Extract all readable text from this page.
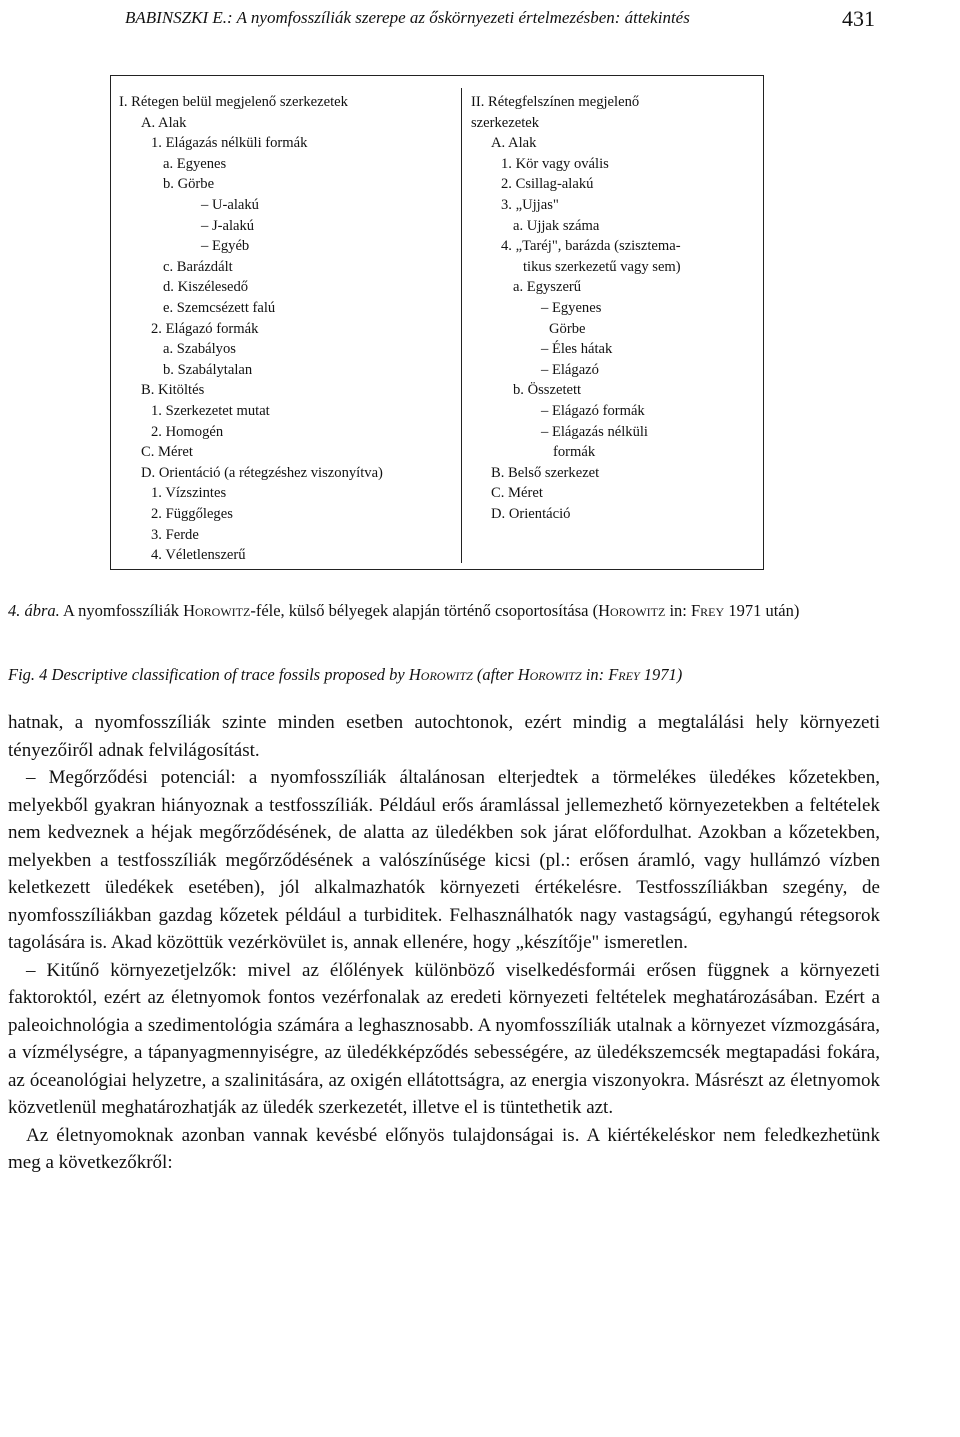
BABINSZKI E.: A nyomfosszíliák szerepe az őskörnyezeti értelmezésben: áttekintés	431
I. Rétegen belül megjelenő szerkezetek
A. Alak
1. Elágazás nélküli formák
a. Egyenes
b. Görbe
– U-alakú
– J-alakú
– Egyéb
c. Barázdált
d. Kiszélesedő
e. Szemcsézett falú
2. Elágazó formák
a. Szabályos
b. Szabálytalan
B. Kitöltés
1. Szerkezetet mutat
2. Homogén
C. Méret
D. Orientáció (a rétegzéshez viszonyítva)
1. Vízszintes
2. Függőleges
3. Ferde
4. Véletlenszerű
II. Rétegfelszínen megjelenő
szerkezetek
A. Alak
1. Kör vagy ovális
2. Csillag-alakú
3. „Ujjas"
a. Ujjak száma
4. „Taréj", barázda (szisztema-
tikus szerkezetű vagy sem)
a. Egyszerű
– Egyenes
Görbe
– Éles hátak
– Elágazó
b. Összetett
– Elágazó formák
– Elágazás nélküli
formák
B. Belső szerkezet
C. Méret
D. Orientáció
4. ábra. A nyomfosszíliák Horowitz-féle, külső bélyegek alapján történő csoportosítása (Horowitz in: Frey 1971 után)
Fig. 4 Descriptive classification of trace fossils proposed by Horowitz (after Horowitz in: Frey 1971)

hatnak, a nyomfosszíliák szinte minden esetben autochtonok, ezért mindig a megtalálási hely környezeti tényezőiről adnak felvilágosítást.

– Megőrződési potenciál: a nyomfosszíliák általánosan elterjedtek a törmelékes üledékes kőzetekben, melyekből gyakran hiányoznak a testfosszíliák. Például erős áramlással jellemezhető környezetekben a feltételek nem kedveznek a héjak megőrződésének, de alatta az üledékben sok járat előfordulhat. Azokban a kőzetekben, melyekben a testfosszíliák megőrződésének a valószínűsége kicsi (pl.: erősen áramló, vagy hullámzó vízben keletkezett üledékek esetében), jól alkalmazhatók környezeti értékelésre. Testfosszíliákban szegény, de nyomfosszíliákban gazdag kőzetek például a turbiditek. Felhasználhatók nagy vastagságú, egyhangú rétegsorok tagolására is. Akad közöttük vezérkövület is, annak ellenére, hogy „készítője" ismeretlen.

– Kitűnő környezetjelzők: mivel az élőlények különböző viselkedésformái erősen függnek a környezeti faktoroktól, ezért az életnyomok fontos vezérfonalak az eredeti környezeti feltételek meghatározásában. Ezért a paleoichnológia a szedimentológia számára a leghasznosabb. A nyomfosszíliák utalnak a környezet vízmozgására, a vízmélységre, a tápanyagmennyiségre, az üledékképződés sebességére, az üledékszemcsék megtapadási fokára, az óceanológiai helyzetre, a szalinitására, az oxigén ellátottságra, az energia viszonyokra. Másrészt az életnyomok közvetlenül meghatározhatják az üledék szerkezetét, illetve el is tüntethetik azt.

Az életnyomoknak azonban vannak kevésbé előnyös tulajdonságai is. A kiértékeléskor nem feledkezhetünk meg a következőkről:
